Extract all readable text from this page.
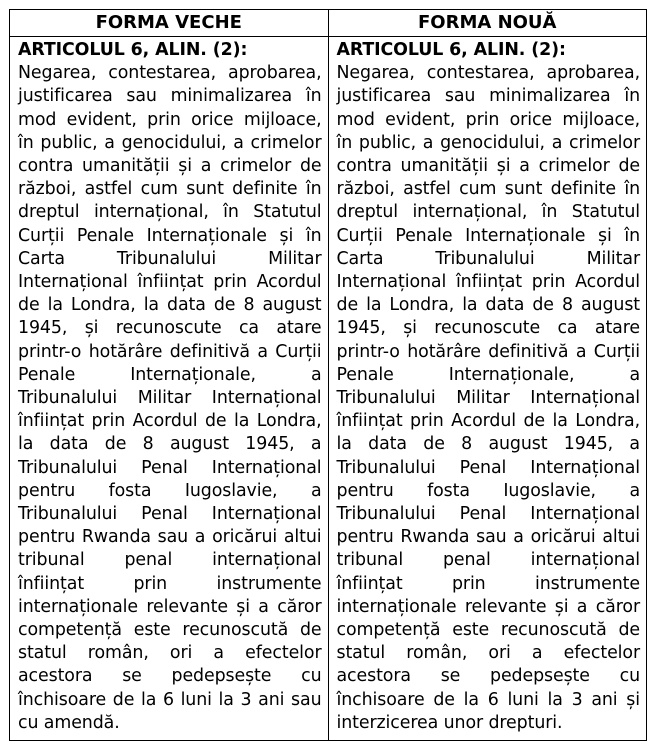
FORMA VECHE	FORMA NOUĂ
ARTICOLUL 6, ALIN. (2):
Negarea, contestarea, aprobarea, justificarea sau minimalizarea în mod evident, prin orice mijloace, în public, a genocidului, a crimelor contra umanității și a crimelor de război, astfel cum sunt definite în dreptul internațional, în Statutul Curții Penale Internaționale și în Carta Tribunalului Militar Internațional înființat prin Acordul de la Londra, la data de 8 august 1945, și recunoscute ca atare printr-o hotărâre definitivă a Curții Penale Internaționale, a Tribunalului Militar Internațional înființat prin Acordul de la Londra, la data de 8 august 1945, a Tribunalului Penal Internațional pentru fosta Iugoslavie, a Tribunalului Penal Internațional pentru Rwanda sau a oricărui altui tribunal penal internațional înființat prin instrumente internaționale relevante și a căror competență este recunoscută de statul român, ori a efectelor acestora se pedepsește cu închisoare de la 6 luni la 3 ani sau cu amendă.
ARTICOLUL 6, ALIN. (2):
Negarea, contestarea, aprobarea, justificarea sau minimalizarea în mod evident, prin orice mijloace, în public, a genocidului, a crimelor contra umanității și a crimelor de război, astfel cum sunt definite în dreptul internațional, în Statutul Curții Penale Internaționale și în Carta Tribunalului Militar Internațional înființat prin Acordul de la Londra, la data de 8 august 1945, și recunoscute ca atare printr-o hotărâre definitivă a Curții Penale Internaționale, a Tribunalului Militar Internațional înființat prin Acordul de la Londra, la data de 8 august 1945, a Tribunalului Penal Internațional pentru fosta Iugoslavie, a Tribunalului Penal Internațional pentru Rwanda sau a oricărui altui tribunal penal internațional înființat prin instrumente internaționale relevante și a căror competență este recunoscută de statul român, ori a efectelor acestora se pedepsește cu închisoare de la 6 luni la 3 ani și interzicerea unor drepturi.
